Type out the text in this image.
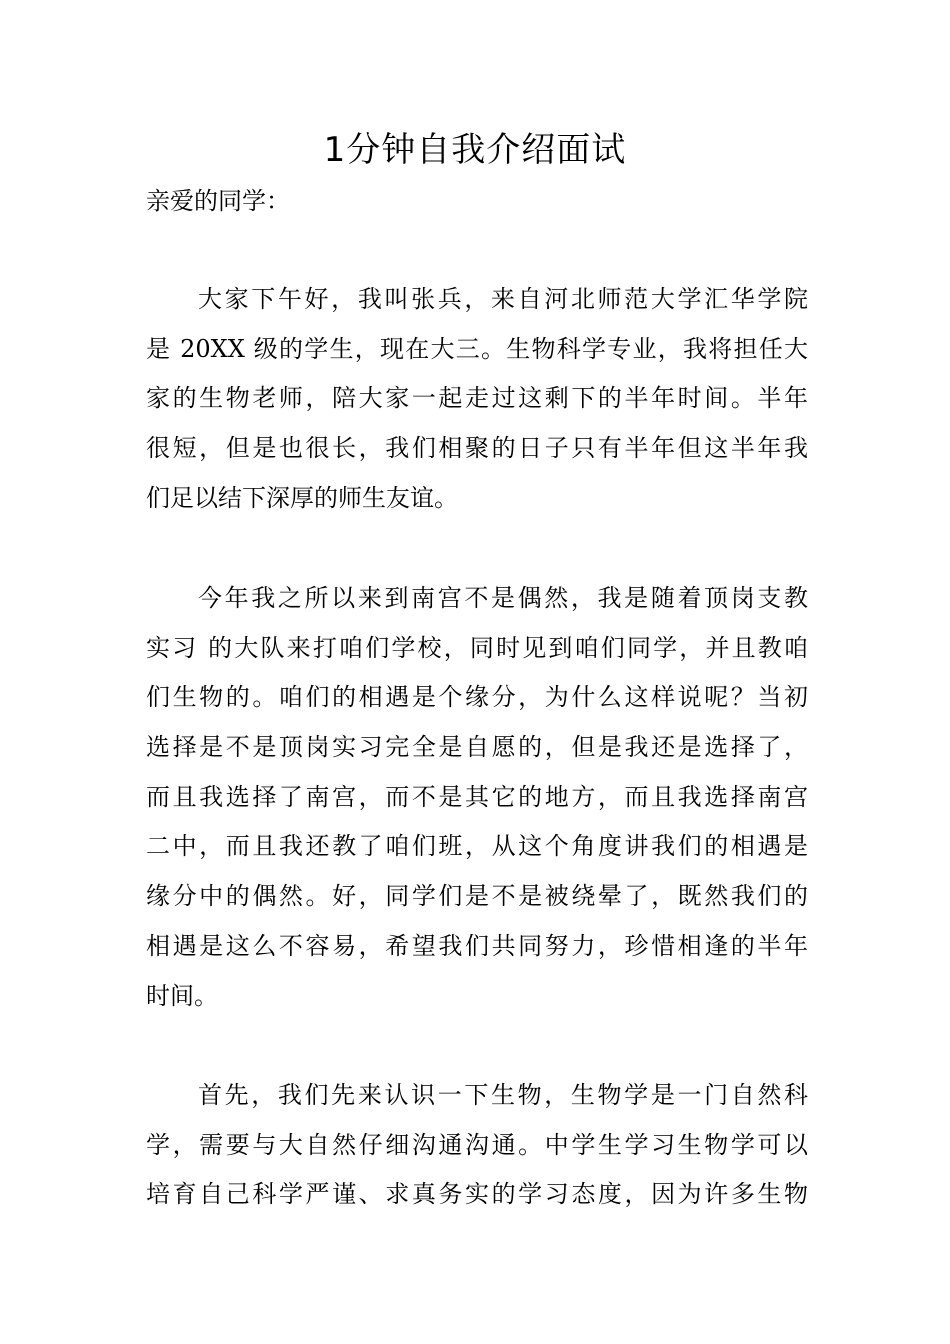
1分钟自我介绍面试

亲爱的同学：

大家下午好，我叫张兵，来自河北师范大学汇华学院
是 20XX 级的学生，现在大三。生物科学专业，我将担任大
家的生物老师，陪大家一起走过这剩下的半年时间。半年
很短，但是也很长，我们相聚的日子只有半年但这半年我
们足以结下深厚的师生友谊。
今年我之所以来到南宫不是偶然，我是随着顶岗支教
实习 的大队来打咱们学校，同时见到咱们同学，并且教咱
们生物的。咱们的相遇是个缘分，为什么这样说呢？当初
选择是不是顶岗实习完全是自愿的，但是我还是选择了，
而且我选择了南宫，而不是其它的地方，而且我选择南宫
二中，而且我还教了咱们班，从这个角度讲我们的相遇是
缘分中的偶然。好，同学们是不是被绕晕了，既然我们的
相遇是这么不容易，希望我们共同努力，珍惜相逢的半年
时间。
首先，我们先来认识一下生物，生物学是一门自然科
学，需要与大自然仔细沟通沟通。中学生学习生物学可以
培育自己科学严谨、求真务实的学习态度，因为许多生物
